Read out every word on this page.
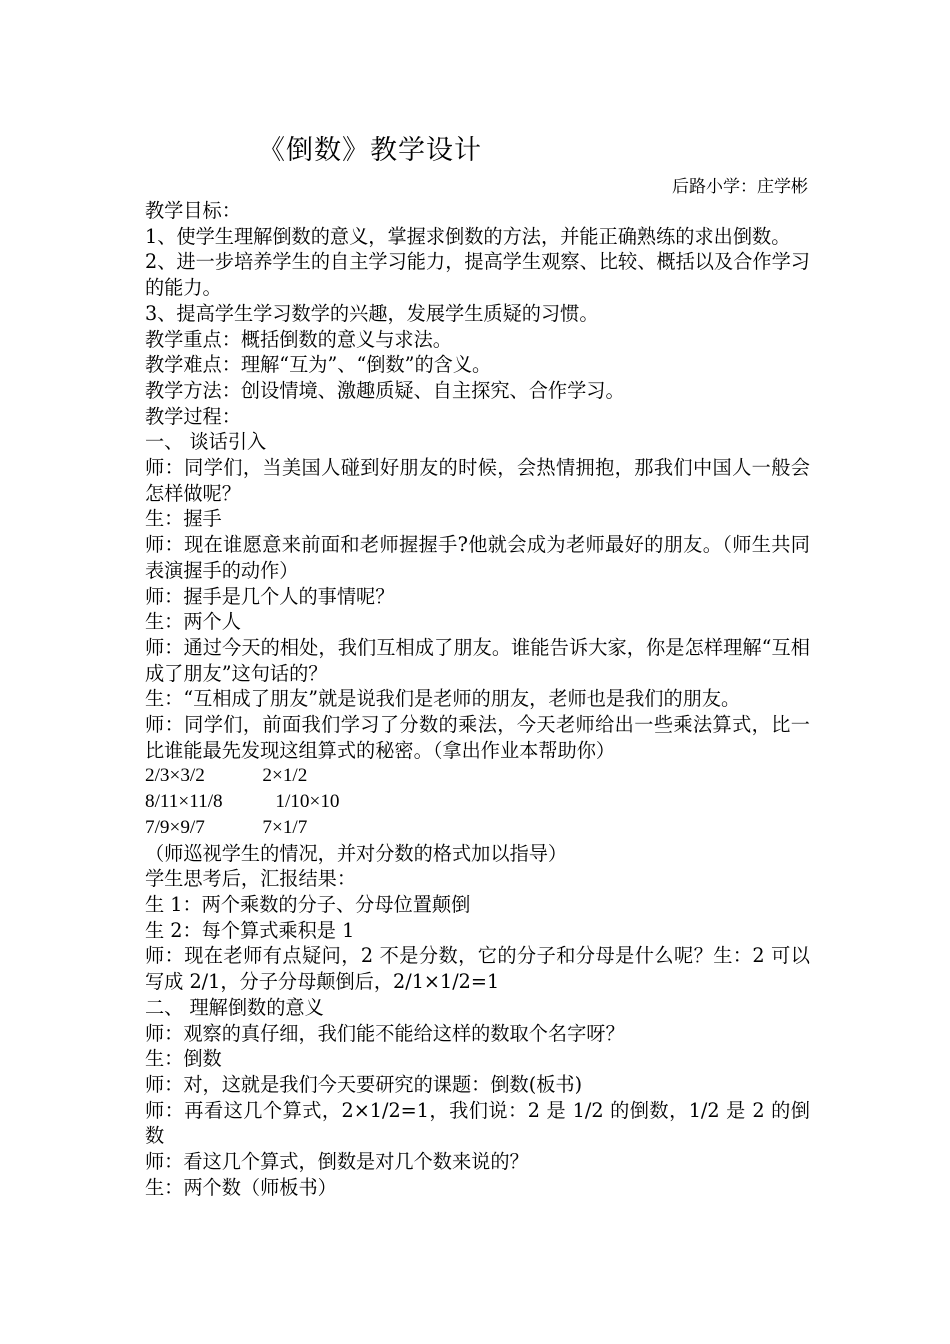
《倒数》教学设计
后路小学：庄学彬

教学目标：

1、使学生理解倒数的意义，掌握求倒数的方法，并能正确熟练的求出倒数。

2、进一步培养学生的自主学习能力，提高学生观察、比较、概括以及合作学习的能力。

3、提高学生学习数学的兴趣，发展学生质疑的习惯。

教学重点：概括倒数的意义与求法。

教学难点：理解“互为”、“倒数”的含义。

教学方法：创设情境、激趣质疑、自主探究、合作学习。

教学过程：

一、 谈话引入

师：同学们，当美国人碰到好朋友的时候，会热情拥抱，那我们中国人一般会怎样做呢？

生：握手

师：现在谁愿意来前面和老师握握手?他就会成为老师最好的朋友。（师生共同表演握手的动作）

师：握手是几个人的事情呢？

生：两个人

师：通过今天的相处，我们互相成了朋友。谁能告诉大家，你是怎样理解“互相成了朋友”这句话的？

生：“互相成了朋友”就是说我们是老师的朋友，老师也是我们的朋友。

师：同学们，前面我们学习了分数的乘法，今天老师给出一些乘法算式，比一比谁能最先发现这组算式的秘密。（拿出作业本帮助你）

2/3×3/2            2×1/2

8/11×11/8           1/10×10

7/9×9/7            7×1/7

（师巡视学生的情况，并对分数的格式加以指导）

学生思考后，汇报结果：

生 1：两个乘数的分子、分母位置颠倒

生 2：每个算式乘积是 1

师：现在老师有点疑问，2 不是分数，它的分子和分母是什么呢？生：2 可以写成 2/1，分子分母颠倒后，2/1×1/2=1

二、 理解倒数的意义

师：观察的真仔细，我们能不能给这样的数取个名字呀？

生：倒数

师：对，这就是我们今天要研究的课题：倒数(板书)

师：再看这几个算式，2×1/2=1，我们说：2 是 1/2 的倒数，1/2 是 2 的倒数

师：看这几个算式，倒数是对几个数来说的？

生：两个数（师板书）
